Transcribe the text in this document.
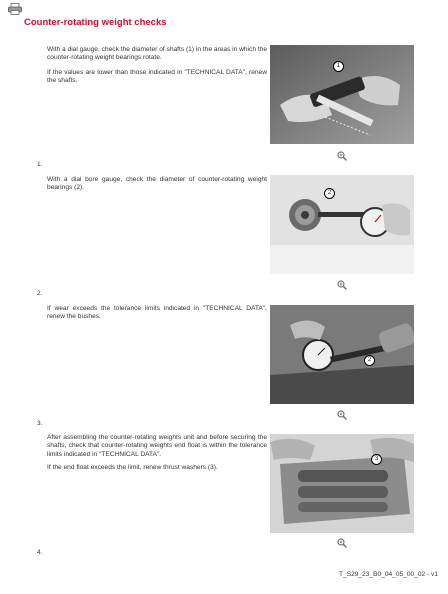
Counter-rotating weight checks
With a dial gauge, check the diameter of shafts (1) in the areas in which the counter-rotating weight bearings rotate.
If the values are lower than those indicated in "TECHNICAL DATA", renew the shafts.
1
1.
With a dial bore gauge, check the diameter of counter-rotating weight bearings (2).
2
2.
If wear exceeds the tolerance limits indicated in "TECHNICAL DATA", renew the bushes.
2
3.
After assembling the counter-rotating weights unit and before securing the shafts, check that counter-rotating weights end float is within the tolerance limits indicated in "TECHNICAL DATA".
If the end float exceeds the limit, renew thrust washers (3).
3
4.
T_S29_23_B0_04_05_00_02 - v1
